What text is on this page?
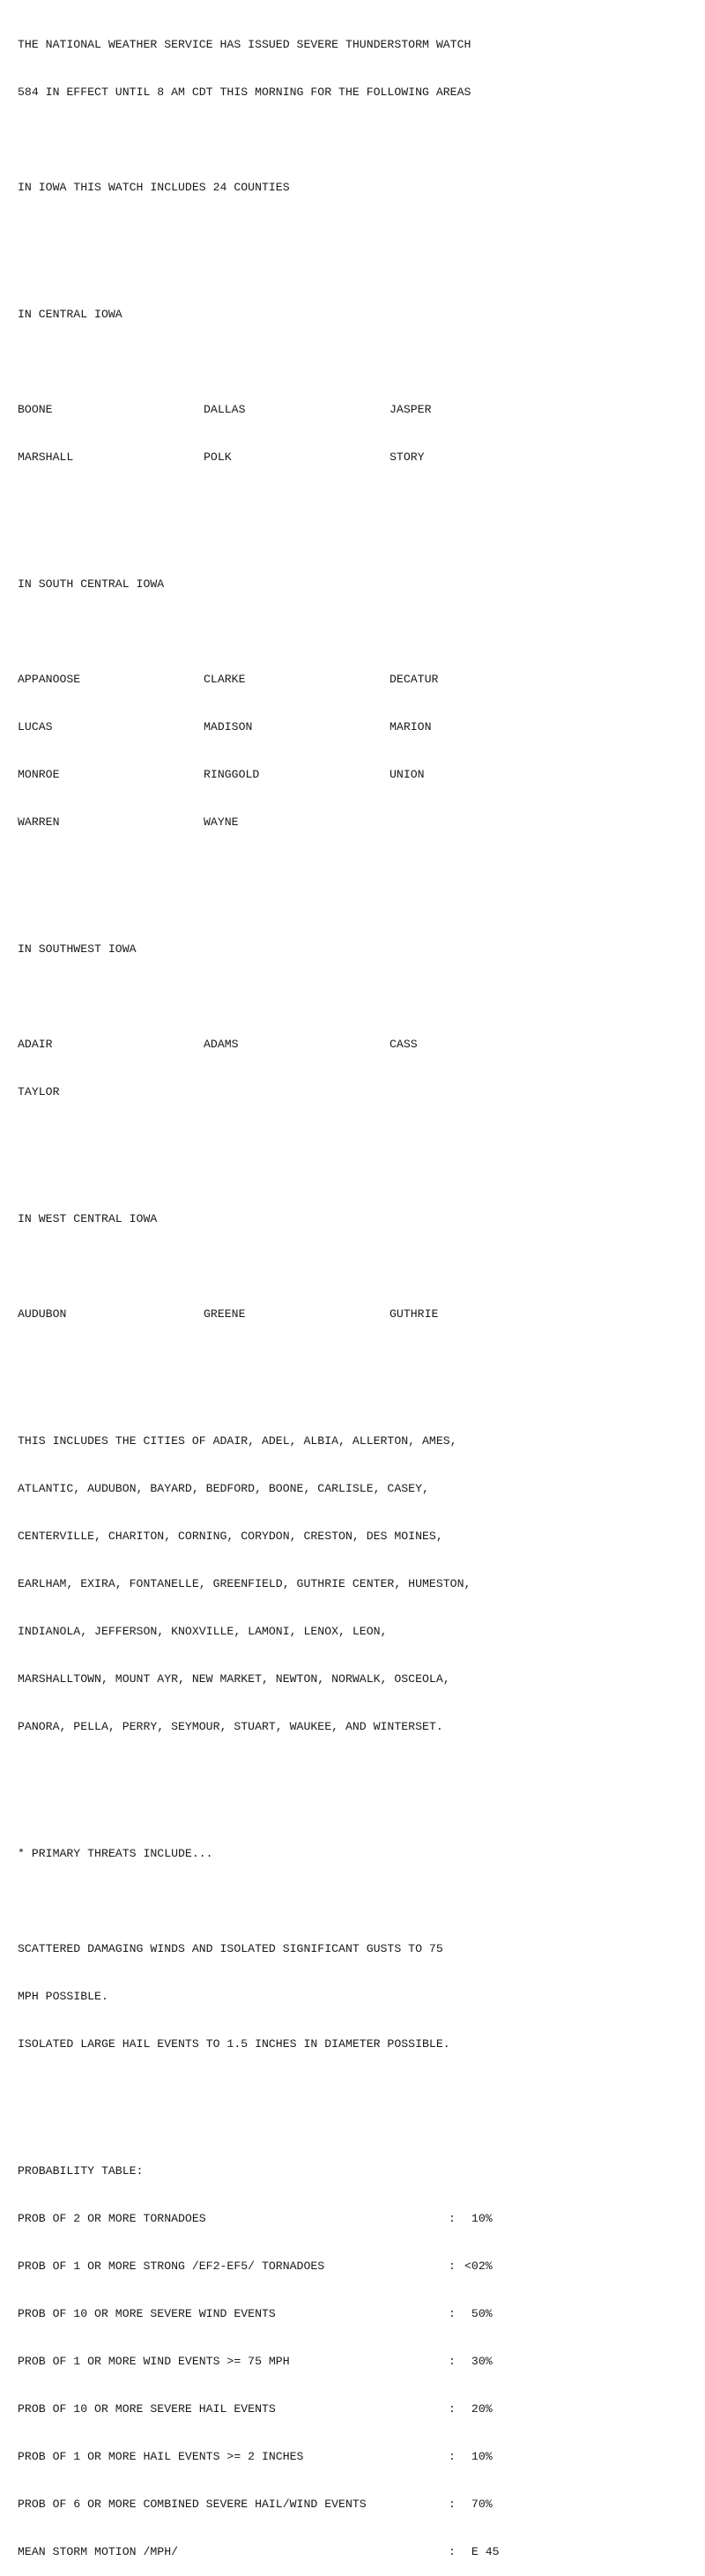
THE NATIONAL WEATHER SERVICE HAS ISSUED SEVERE THUNDERSTORM WATCH

584 IN EFFECT UNTIL 8 AM CDT THIS MORNING FOR THE FOLLOWING AREAS

IN IOWA THIS WATCH INCLUDES 24 COUNTIES

IN CENTRAL IOWA

BOONE	DALLAS	JASPER

MARSHALL	POLK	STORY

IN SOUTH CENTRAL IOWA

APPANOOSE	CLARKE	DECATUR

LUCAS	MADISON	MARION

MONROE	RINGGOLD	UNION

WARREN	WAYNE

IN SOUTHWEST IOWA

ADAIR	ADAMS	CASS

TAYLOR

IN WEST CENTRAL IOWA

AUDUBON	GREENE	GUTHRIE

THIS INCLUDES THE CITIES OF ADAIR, ADEL, ALBIA, ALLERTON, AMES,

ATLANTIC, AUDUBON, BAYARD, BEDFORD, BOONE, CARLISLE, CASEY,

CENTERVILLE, CHARITON, CORNING, CORYDON, CRESTON, DES MOINES,

EARLHAM, EXIRA, FONTANELLE, GREENFIELD, GUTHRIE CENTER, HUMESTON,

INDIANOLA, JEFFERSON, KNOXVILLE, LAMONI, LENOX, LEON,

MARSHALLTOWN, MOUNT AYR, NEW MARKET, NEWTON, NORWALK, OSCEOLA,

PANORA, PELLA, PERRY, SEYMOUR, STUART, WAUKEE, AND WINTERSET.

* PRIMARY THREATS INCLUDE...

SCATTERED DAMAGING WINDS AND ISOLATED SIGNIFICANT GUSTS TO 75

MPH POSSIBLE.

ISOLATED LARGE HAIL EVENTS TO 1.5 INCHES IN DIAMETER POSSIBLE.

PROBABILITY TABLE:

PROB OF 2 OR MORE TORNADOES	: 10%

PROB OF 1 OR MORE STRONG /EF2-EF5/ TORNADOES	: <02%

PROB OF 10 OR MORE SEVERE WIND EVENTS	: 50%

PROB OF 1 OR MORE WIND EVENTS >= 75 MPH	: 30%

PROB OF 10 OR MORE SEVERE HAIL EVENTS	: 20%

PROB OF 1 OR MORE HAIL EVENTS >= 2 INCHES	: 10%

PROB OF 6 OR MORE COMBINED SEVERE HAIL/WIND EVENTS	: 70%

MEAN STORM MOTION /MPH/	: E 45
